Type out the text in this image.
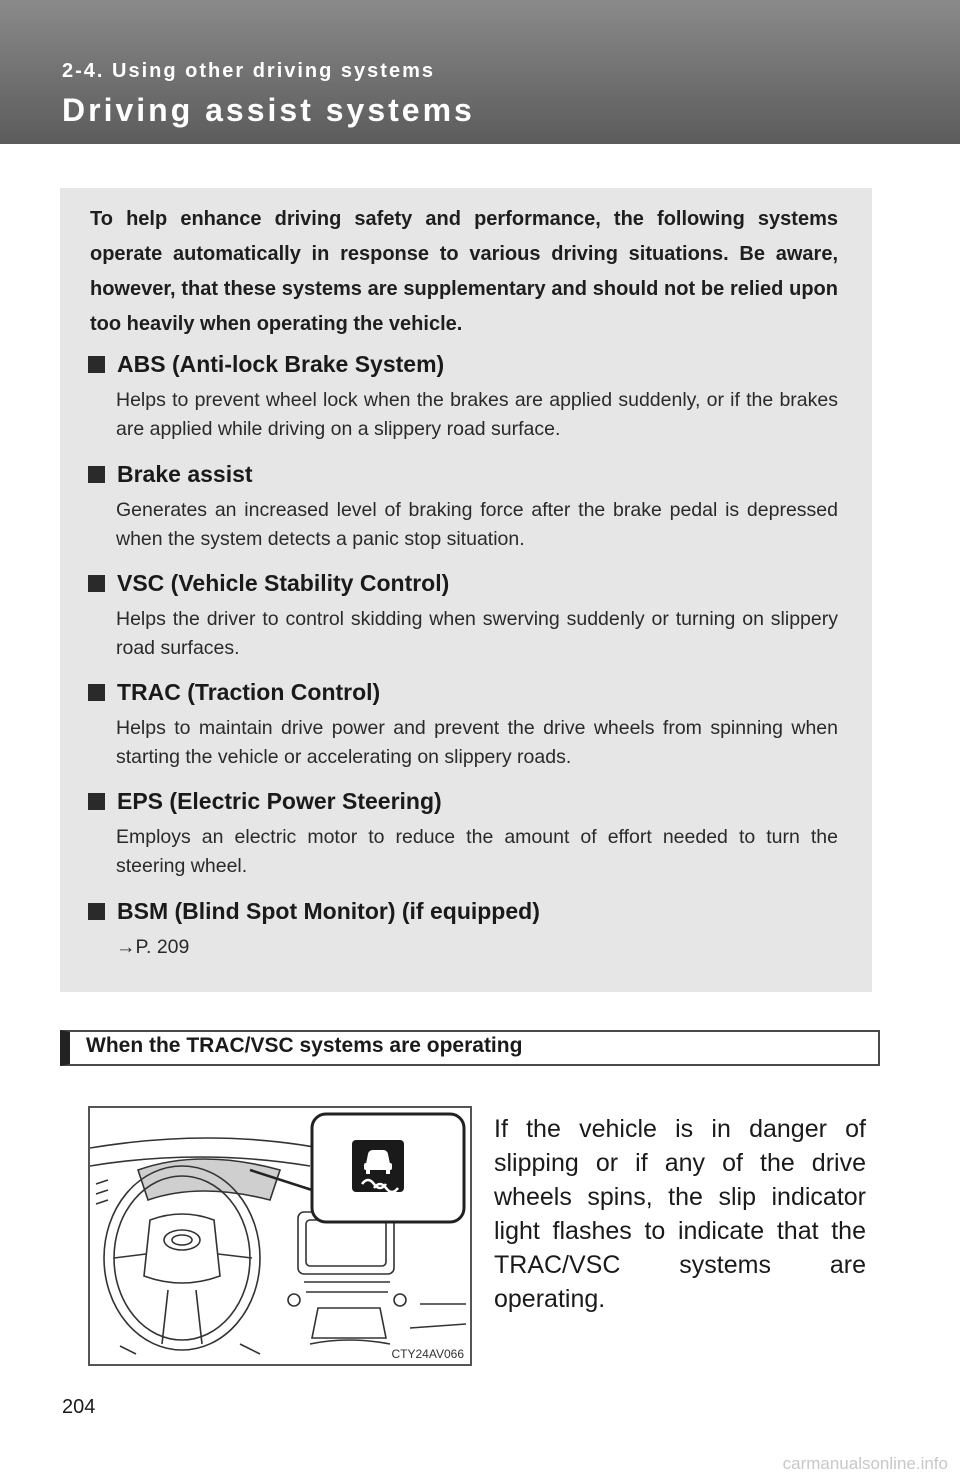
2-4. Using other driving systems
Driving assist systems
To help enhance driving safety and performance, the following systems operate automatically in response to various driving situations. Be aware, however, that these systems are supplementary and should not be relied upon too heavily when operating the vehicle.
ABS (Anti-lock Brake System)
Helps to prevent wheel lock when the brakes are applied suddenly, or if the brakes are applied while driving on a slippery road surface.
Brake assist
Generates an increased level of braking force after the brake pedal is depressed when the system detects a panic stop situation.
VSC (Vehicle Stability Control)
Helps the driver to control skidding when swerving suddenly or turning on slippery road surfaces.
TRAC (Traction Control)
Helps to maintain drive power and prevent the drive wheels from spinning when starting the vehicle or accelerating on slippery roads.
EPS (Electric Power Steering)
Employs an electric motor to reduce the amount of effort needed to turn the steering wheel.
BSM (Blind Spot Monitor) (if equipped)
→P. 209
When the TRAC/VSC systems are operating
CTY24AV066
If the vehicle is in danger of slipping or if any of the drive wheels spins, the slip indicator light flashes to indicate that the TRAC/VSC systems are operating.
204
carmanualsonline.info
